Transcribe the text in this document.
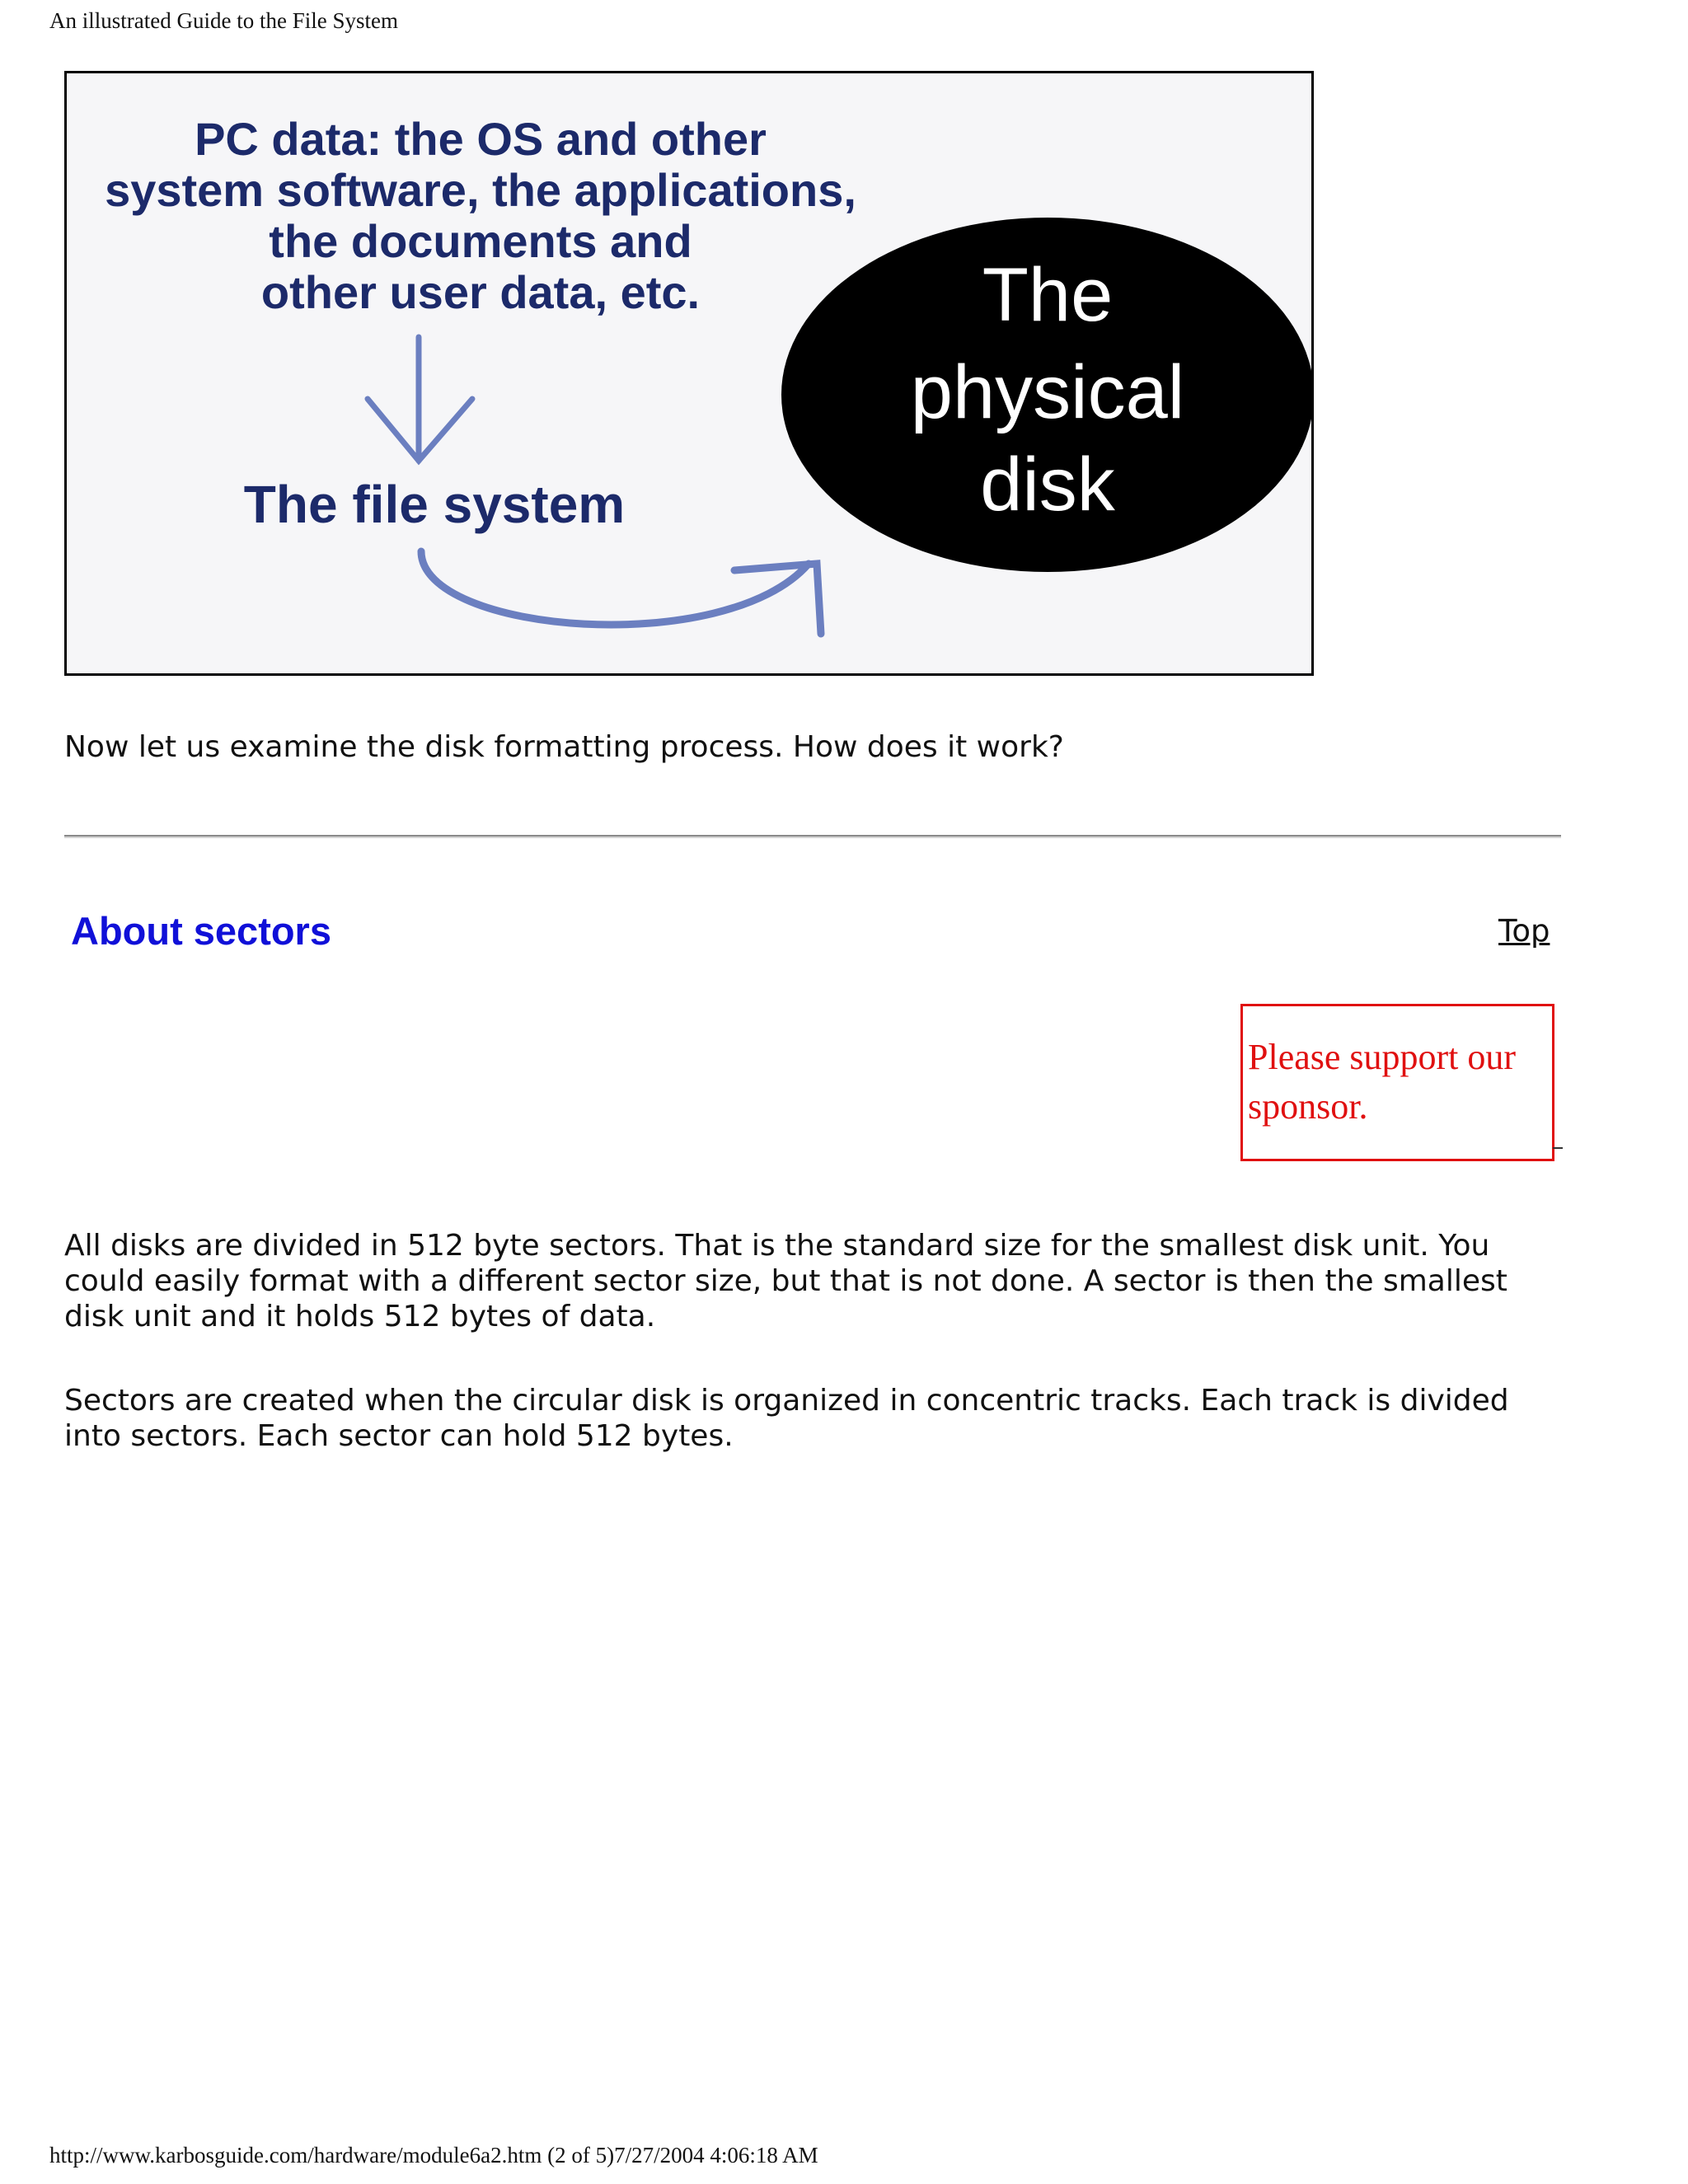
An illustrated Guide to the File System
PC data: the OS and other
system software, the applications,
the documents and
other user data, etc.
The file system
The
physical
disk
Now let us examine the disk formatting process. How does it work?
About sectors	Top
Please support our
sponsor.

All disks are divided in 512 byte sectors. That is the standard size for the smallest disk unit. You could easily format with a different sector size, but that is not done. A sector is then the smallest disk unit and it holds 512 bytes of data.

Sectors are created when the circular disk is organized in concentric tracks. Each track is divided into sectors. Each sector can hold 512 bytes.

http://www.karbosguide.com/hardware/module6a2.htm (2 of 5)7/27/2004 4:06:18 AM
